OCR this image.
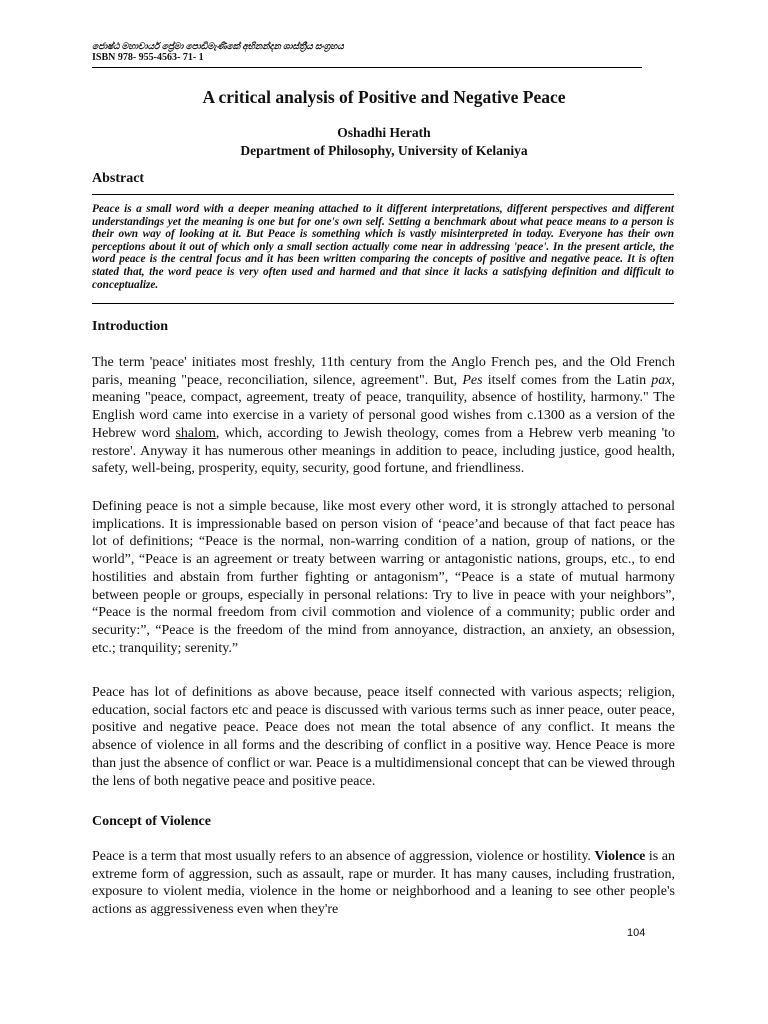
ජොෂ්ඨ මහාචාර්ය ප්‍රේමා පොඩිමැණිකේ අභිනන්දන ශාස්ත්‍රීය සංග්‍රහය
ISBN 978- 955-4563- 71- 1
A critical analysis of Positive and Negative Peace
Oshadhi Herath
Department of Philosophy, University of Kelaniya
Abstract
Peace is a small word with a deeper meaning attached to it different interpretations, different perspectives and different understandings yet the meaning is one but for one's own self. Setting a benchmark about what peace means to a person is their own way of looking at it. But Peace is something which is vastly misinterpreted in today. Everyone has their own perceptions about it out of which only a small section actually come near in addressing 'peace'. In the present article, the word peace is the central focus and it has been written comparing the concepts of positive and negative peace. It is often stated that, the word peace is very often used and harmed and that since it lacks a satisfying definition and difficult to conceptualize.
Introduction

The term 'peace' initiates most freshly, 11th century from the Anglo French pes, and the Old French paris, meaning "peace, reconciliation, silence, agreement". But, Pes itself comes from the Latin pax, meaning "peace, compact, agreement, treaty of peace, tranquility, absence of hostility, harmony." The English word came into exercise in a variety of personal good wishes from c.1300 as a version of the Hebrew word shalom, which, according to Jewish theology, comes from a Hebrew verb meaning 'to restore'. Anyway it has numerous other meanings in addition to peace, including justice, good health, safety, well-being, prosperity, equity, security, good fortune, and friendliness.

Defining peace is not a simple because, like most every other word, it is strongly attached to personal implications. It is impressionable based on person vision of ‘peace’and because of that fact peace has lot of definitions; “Peace is the normal, non-warring condition of a nation, group of nations, or the world”, “Peace is an agreement or treaty between warring or antagonistic nations, groups, etc., to end hostilities and abstain from further fighting or antagonism”, “Peace is a state of mutual harmony between people or groups, especially in personal relations: Try to live in peace with your neighbors”, “Peace is the normal freedom from civil commotion and violence of a community; public order and security:”, “Peace is the freedom of the mind from annoyance, distraction, an anxiety, an obsession, etc.; tranquility; serenity.”

Peace has lot of definitions as above because, peace itself connected with various aspects; religion, education, social factors etc and peace is discussed with various terms such as inner peace, outer peace, positive and negative peace. Peace does not mean the total absence of any conflict. It means the absence of violence in all forms and the describing of conflict in a positive way. Hence Peace is more than just the absence of conflict or war. Peace is a multidimensional concept that can be viewed through the lens of both negative peace and positive peace.

Concept of Violence

Peace is a term that most usually refers to an absence of aggression, violence or hostility. Violence is an extreme form of aggression, such as assault, rape or murder. It has many causes, including frustration, exposure to violent media, violence in the home or neighborhood and a leaning to see other people's actions as aggressiveness even when they're

104
